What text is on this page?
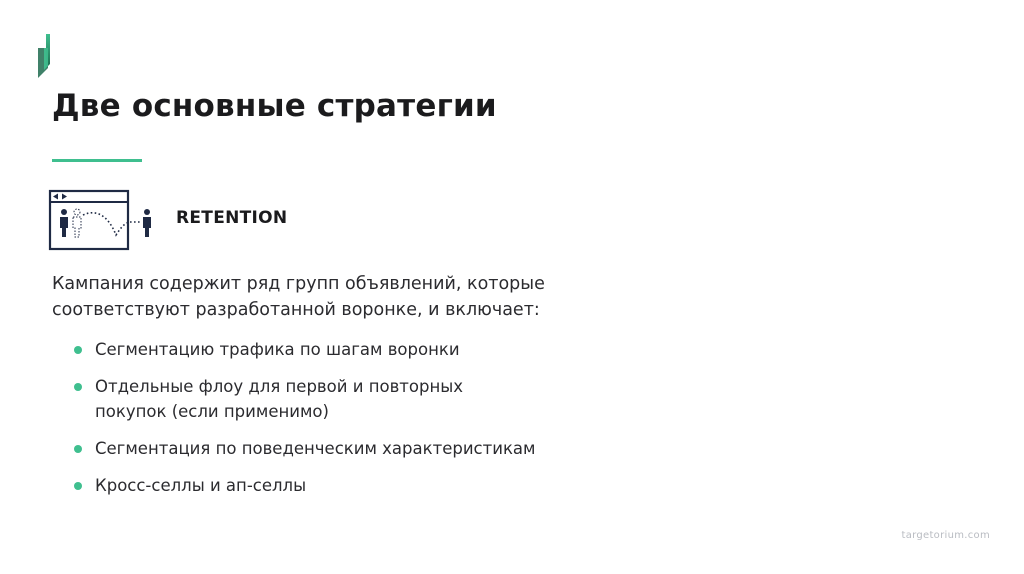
Две основные стратегии
RETENTION

Кампания содержит ряд групп объявлений, которые соответствуют разработанной воронке, и включает:

Сегментацию трафика по шагам воронки
Отдельные флоу для первой и повторных покупок (если применимо)
Сегментация по поведенческим характеристикам
Кросс-селлы и ап-селлы
targetorium.com
